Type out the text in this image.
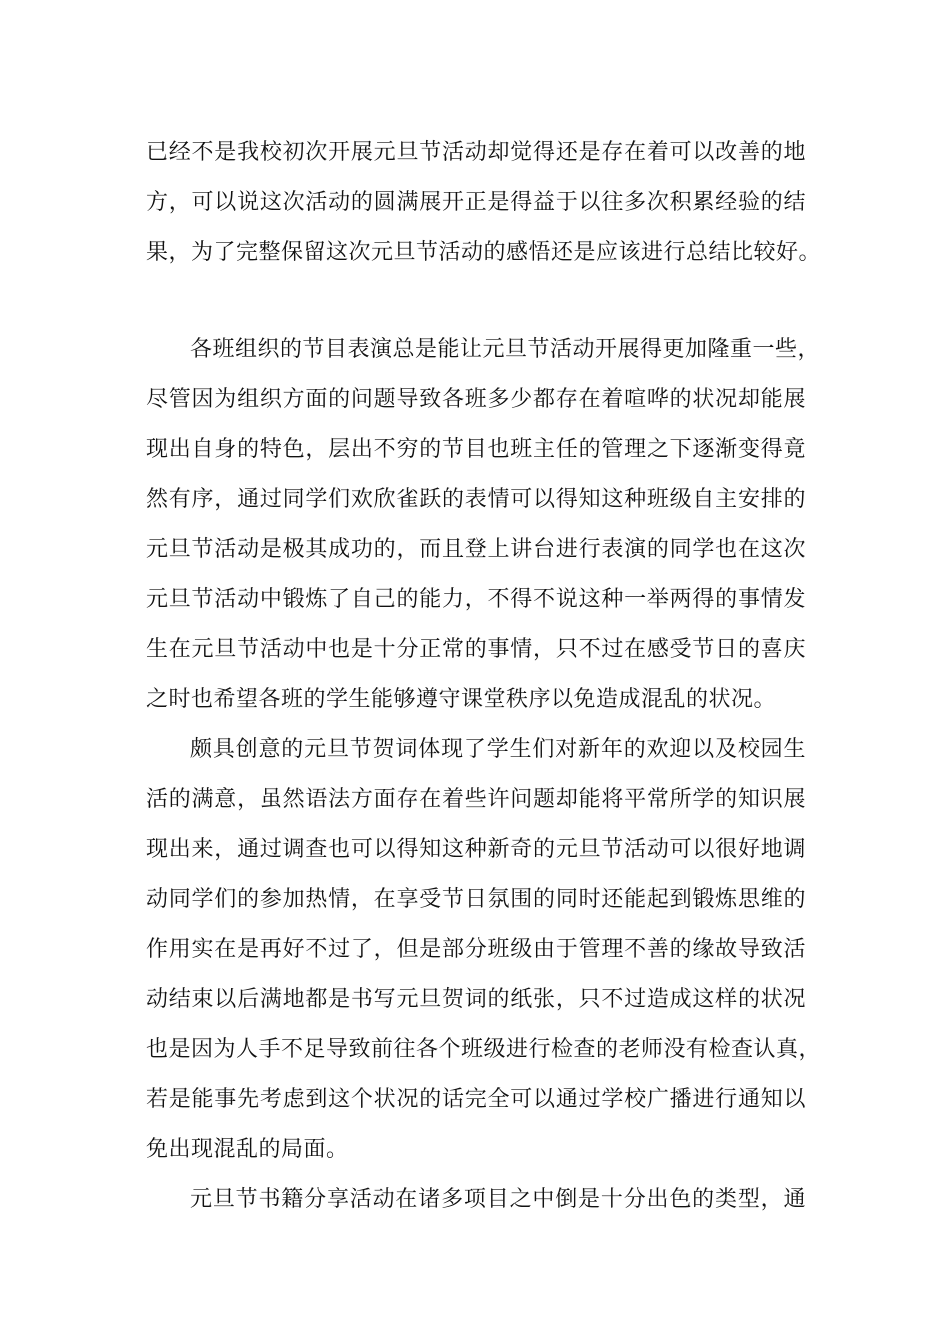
已经不是我校初次开展元旦节活动却觉得还是存在着可以改善的地
方，可以说这次活动的圆满展开正是得益于以往多次积累经验的结
果，为了完整保留这次元旦节活动的感悟还是应该进行总结比较好。
各班组织的节目表演总是能让元旦节活动开展得更加隆重一些，
尽管因为组织方面的问题导致各班多少都存在着喧哗的状况却能展
现出自身的特色，层出不穷的节目也班主任的管理之下逐渐变得竟
然有序，通过同学们欢欣雀跃的表情可以得知这种班级自主安排的
元旦节活动是极其成功的，而且登上讲台进行表演的同学也在这次
元旦节活动中锻炼了自己的能力，不得不说这种一举两得的事情发
生在元旦节活动中也是十分正常的事情，只不过在感受节日的喜庆
之时也希望各班的学生能够遵守课堂秩序以免造成混乱的状况。
颇具创意的元旦节贺词体现了学生们对新年的欢迎以及校园生
活的满意，虽然语法方面存在着些许问题却能将平常所学的知识展
现出来，通过调查也可以得知这种新奇的元旦节活动可以很好地调
动同学们的参加热情，在享受节日氛围的同时还能起到锻炼思维的
作用实在是再好不过了，但是部分班级由于管理不善的缘故导致活
动结束以后满地都是书写元旦贺词的纸张，只不过造成这样的状况
也是因为人手不足导致前往各个班级进行检查的老师没有检查认真，
若是能事先考虑到这个状况的话完全可以通过学校广播进行通知以
免出现混乱的局面。
元旦节书籍分享活动在诸多项目之中倒是十分出色的类型，通
